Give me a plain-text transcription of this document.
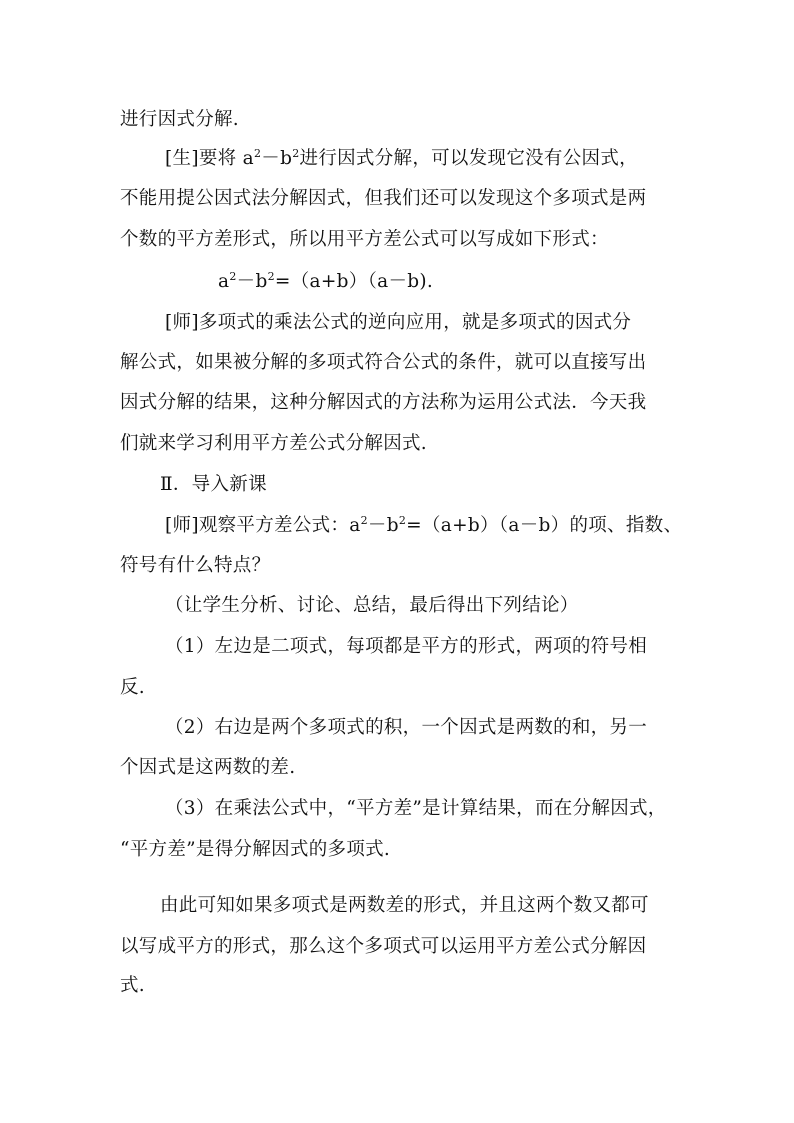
进行因式分解.
[生]要将 $a^2-b^2$进行因式分解，可以发现它没有公因式，
不能用提公因式法分解因式，但我们还可以发现这个多项式是两
个数的平方差形式，所以用平方差公式可以写成如下形式：
$a^2-b^2=(a+b)(a-b)$.
[师]多项式的乘法公式的逆向应用，就是多项式的因式分
解公式，如果被分解的多项式符合公式的条件，就可以直接写出
因式分解的结果，这种分解因式的方法称为运用公式法．今天我
们就来学习利用平方差公式分解因式.
Ⅱ．导入新课
[师]观察平方差公式：$a^2-b^2=(a+b)(a-b)$的项、指数、
符号有什么特点？
（让学生分析、讨论、总结，最后得出下列结论）
（1）左边是二项式，每项都是平方的形式，两项的符号相
反.
（2）右边是两个多项式的积，一个因式是两数的和，另一
个因式是这两数的差.
（3）在乘法公式中，“平方差”是计算结果，而在分解因式，
“平方差”是得分解因式的多项式.
由此可知如果多项式是两数差的形式，并且这两个数又都可
以写成平方的形式，那么这个多项式可以运用平方差公式分解因
式.
